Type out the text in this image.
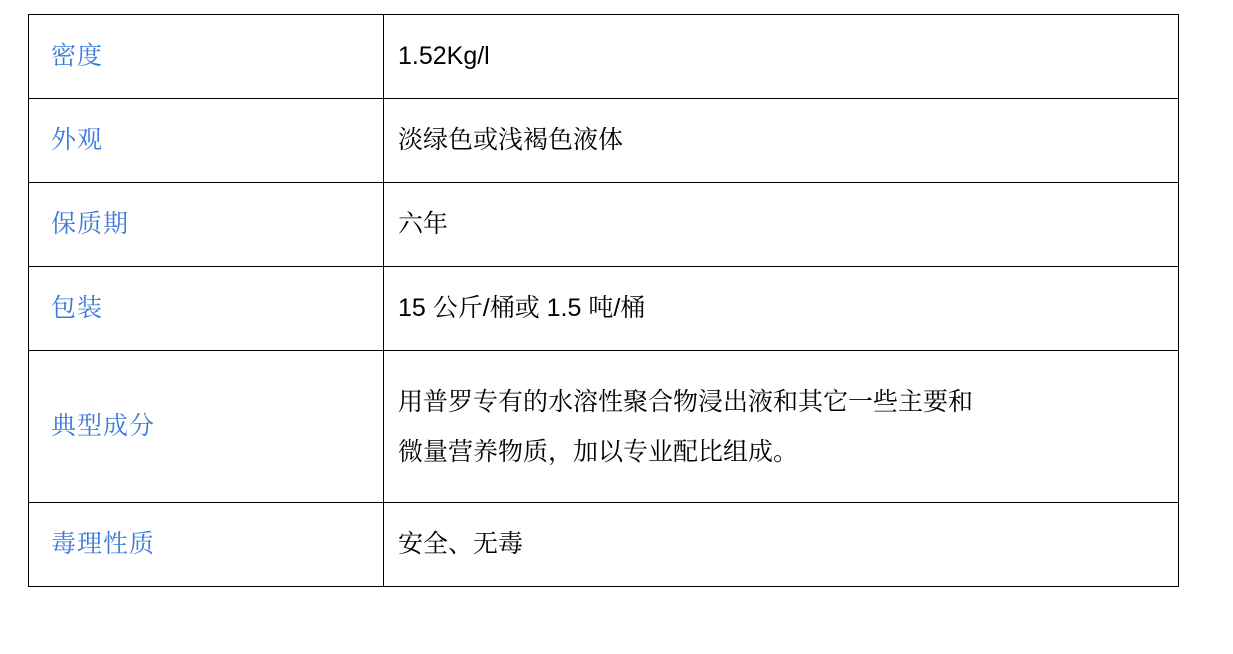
密度	1.52Kg/l

外观	淡绿色或浅褐色液体

保质期	六年

包装	15 公斤/桶或 1.5 吨/桶

典型成分	用普罗专有的水溶性聚合物浸出液和其它一些主要和
微量营养物质，加以专业配比组成。

毒理性质	安全、无毒
